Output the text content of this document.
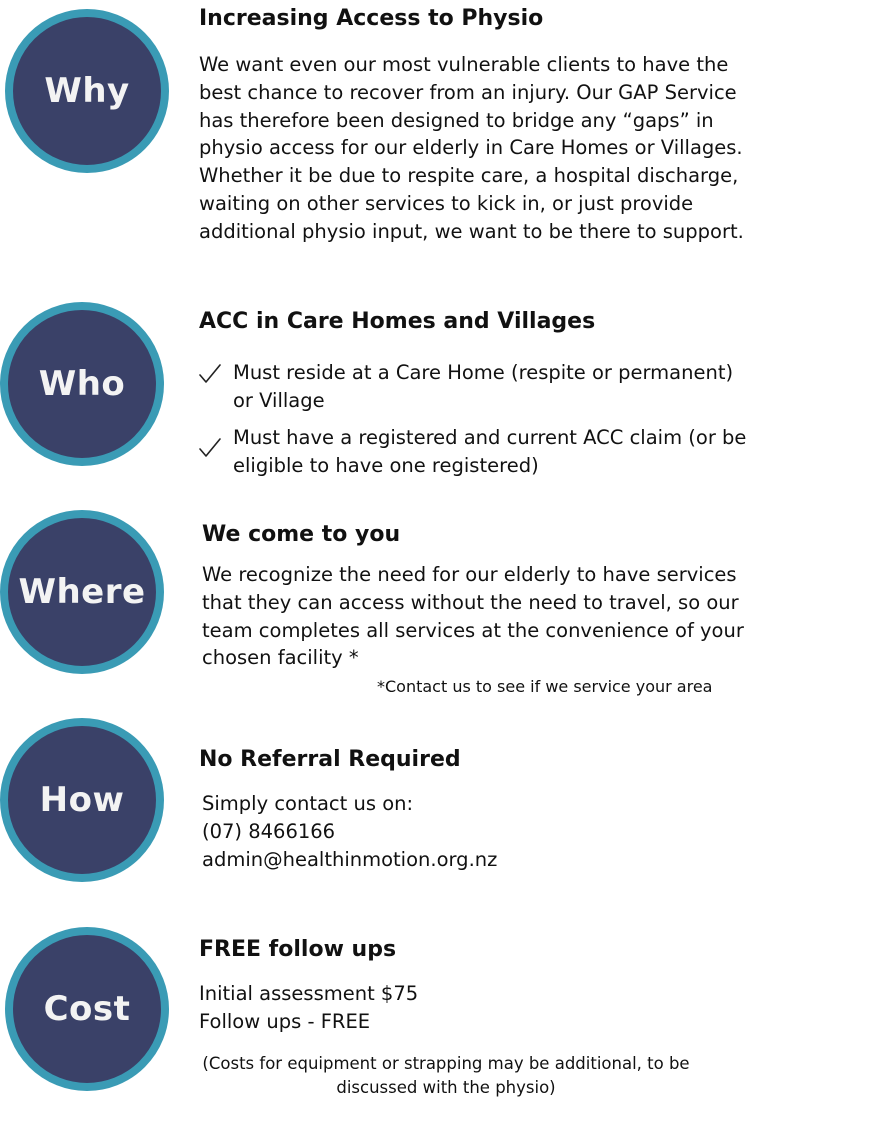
Why
Increasing Access to Physio
We want even our most vulnerable clients to have the
best chance to recover from an injury. Our GAP Service
has therefore been designed to bridge any “gaps” in
physio access for our elderly in Care Homes or Villages.
Whether it be due to respite care, a hospital discharge,
waiting on other services to kick in, or just provide
additional physio input, we want to be there to support.
Who
ACC in Care Homes and Villages
Must reside at a Care Home (respite or permanent)
or Village
Must have a registered and current ACC claim (or be
eligible to have one registered)
Where
We come to you
We recognize the need for our elderly to have services
that they can access without the need to travel, so our
team completes all services at the convenience of your
chosen facility *
*Contact us to see if we service your area
How
No Referral Required
Simply contact us on:
(07) 8466166
admin@healthinmotion.org.nz
Cost
FREE follow ups
Initial assessment $75
Follow ups - FREE
(Costs for equipment or strapping may be additional, to be
discussed with the physio)
